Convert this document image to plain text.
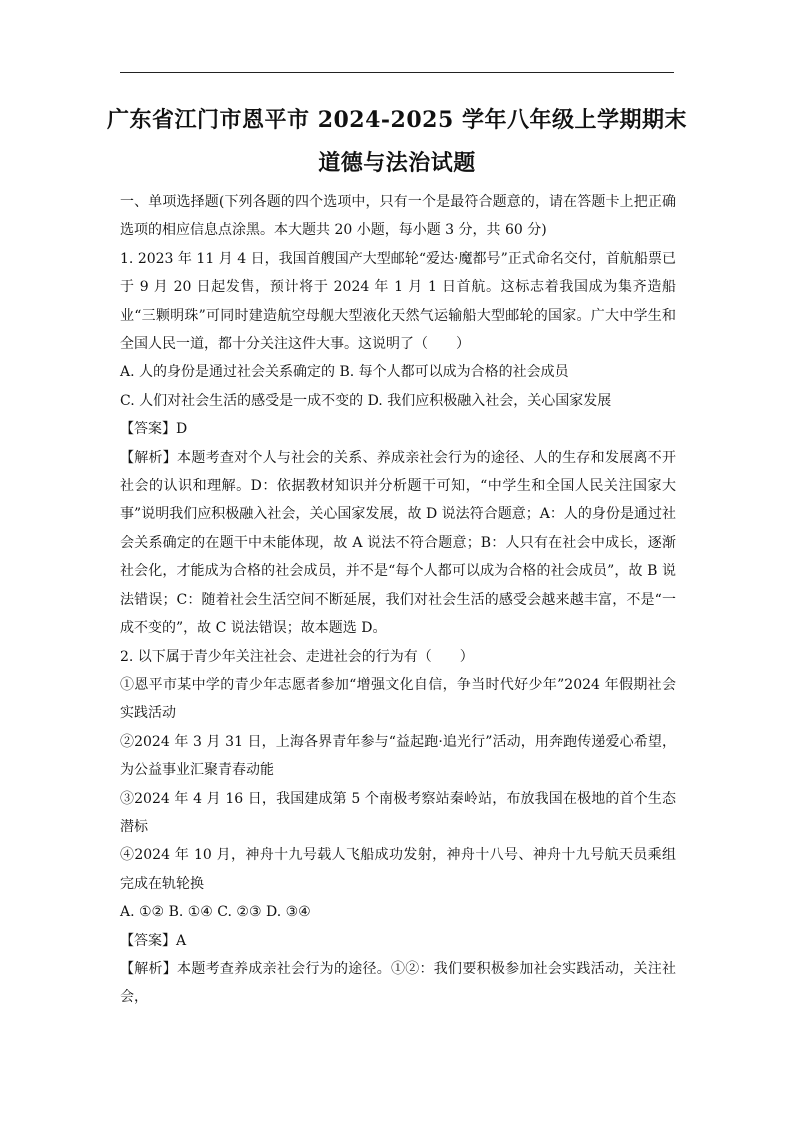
广东省江门市恩平市 2024-2025 学年八年级上学期期末
道德与法治试题

一、单项选择题(下列各题的四个选项中，只有一个是最符合题意的，请在答题卡上把正确选项的相应信息点涂黑。本大题共 20 小题，每小题 3 分，共 60 分)

1. 2023 年 11 月 4 日，我国首艘国产大型邮轮“爱达·魔都号”正式命名交付，首航船票已于 9 月 20 日起发售，预计将于 2024 年 1 月 1 日首航。这标志着我国成为集齐造船业“三颗明珠”可同时建造航空母舰大型液化天然气运输船大型邮轮的国家。广大中学生和全国人民一道，都十分关注这件大事。这说明了（　　）

A. 人的身份是通过社会关系确定的 B. 每个人都可以成为合格的社会成员

C. 人们对社会生活的感受是一成不变的 D. 我们应积极融入社会，关心国家发展

【答案】D

【解析】本题考查对个人与社会的关系、养成亲社会行为的途径、人的生存和发展离不开社会的认识和理解。D：依据教材知识并分析题干可知，“中学生和全国人民关注国家大事”说明我们应积极融入社会，关心国家发展，故 D 说法符合题意；A：人的身份是通过社会关系确定的在题干中未能体现，故 A 说法不符合题意；B：人只有在社会中成长，逐渐社会化，才能成为合格的社会成员，并不是“每个人都可以成为合格的社会成员”，故 B 说法错误；C：随着社会生活空间不断延展，我们对社会生活的感受会越来越丰富，不是“一成不变的”，故 C 说法错误；故本题选 D。

2. 以下属于青少年关注社会、走进社会的行为有（　　）

①恩平市某中学的青少年志愿者参加“增强文化自信，争当时代好少年”2024 年假期社会实践活动

②2024 年 3 月 31 日，上海各界青年参与“益起跑·追光行”活动，用奔跑传递爱心希望，为公益事业汇聚青春动能

③2024 年 4 月 16 日，我国建成第 5 个南极考察站秦岭站，布放我国在极地的首个生态潜标

④2024 年 10 月，神舟十九号载人飞船成功发射，神舟十八号、神舟十九号航天员乘组完成在轨轮换

A. ①② B. ①④ C. ②③ D. ③④

【答案】A

【解析】本题考查养成亲社会行为的途径。①②：我们要积极参加社会实践活动，关注社会，
